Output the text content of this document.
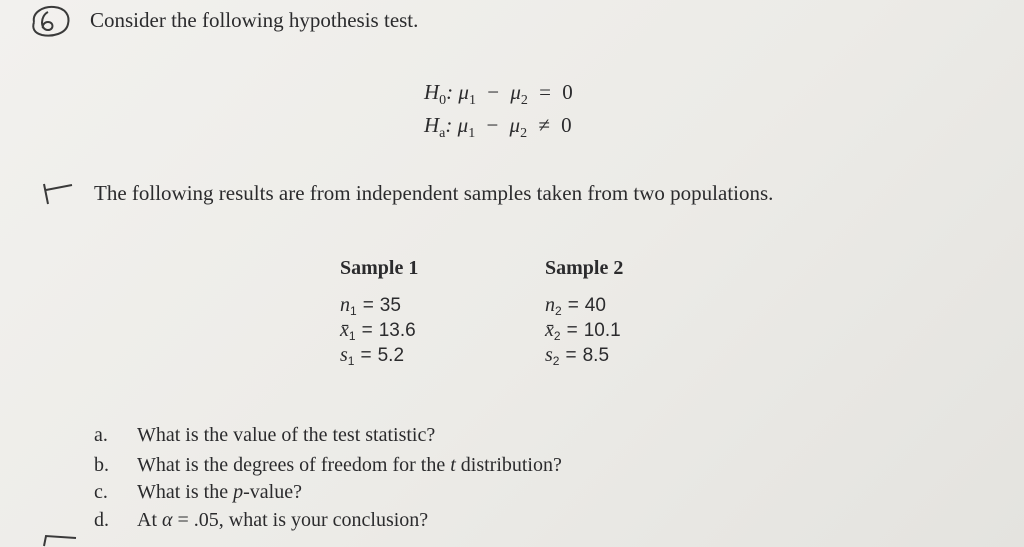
Consider the following hypothesis test.
$H_0$: $\mu_1 - \mu_2 = 0$
$H_a$: $\mu_1 - \mu_2 \ne 0$
The following results are from independent samples taken from two populations.
Sample 1
$n_1 = 35$
$x̄_1 = 13.6$
$s_1 = 5.2$
Sample 2
$n_2 = 40$
$x̄_2 = 10.1$
$s_2 = 8.5$
a. What is the value of the test statistic?
b. What is the degrees of freedom for the t distribution?
c. What is the p-value?
d. At α = .05, what is your conclusion?
